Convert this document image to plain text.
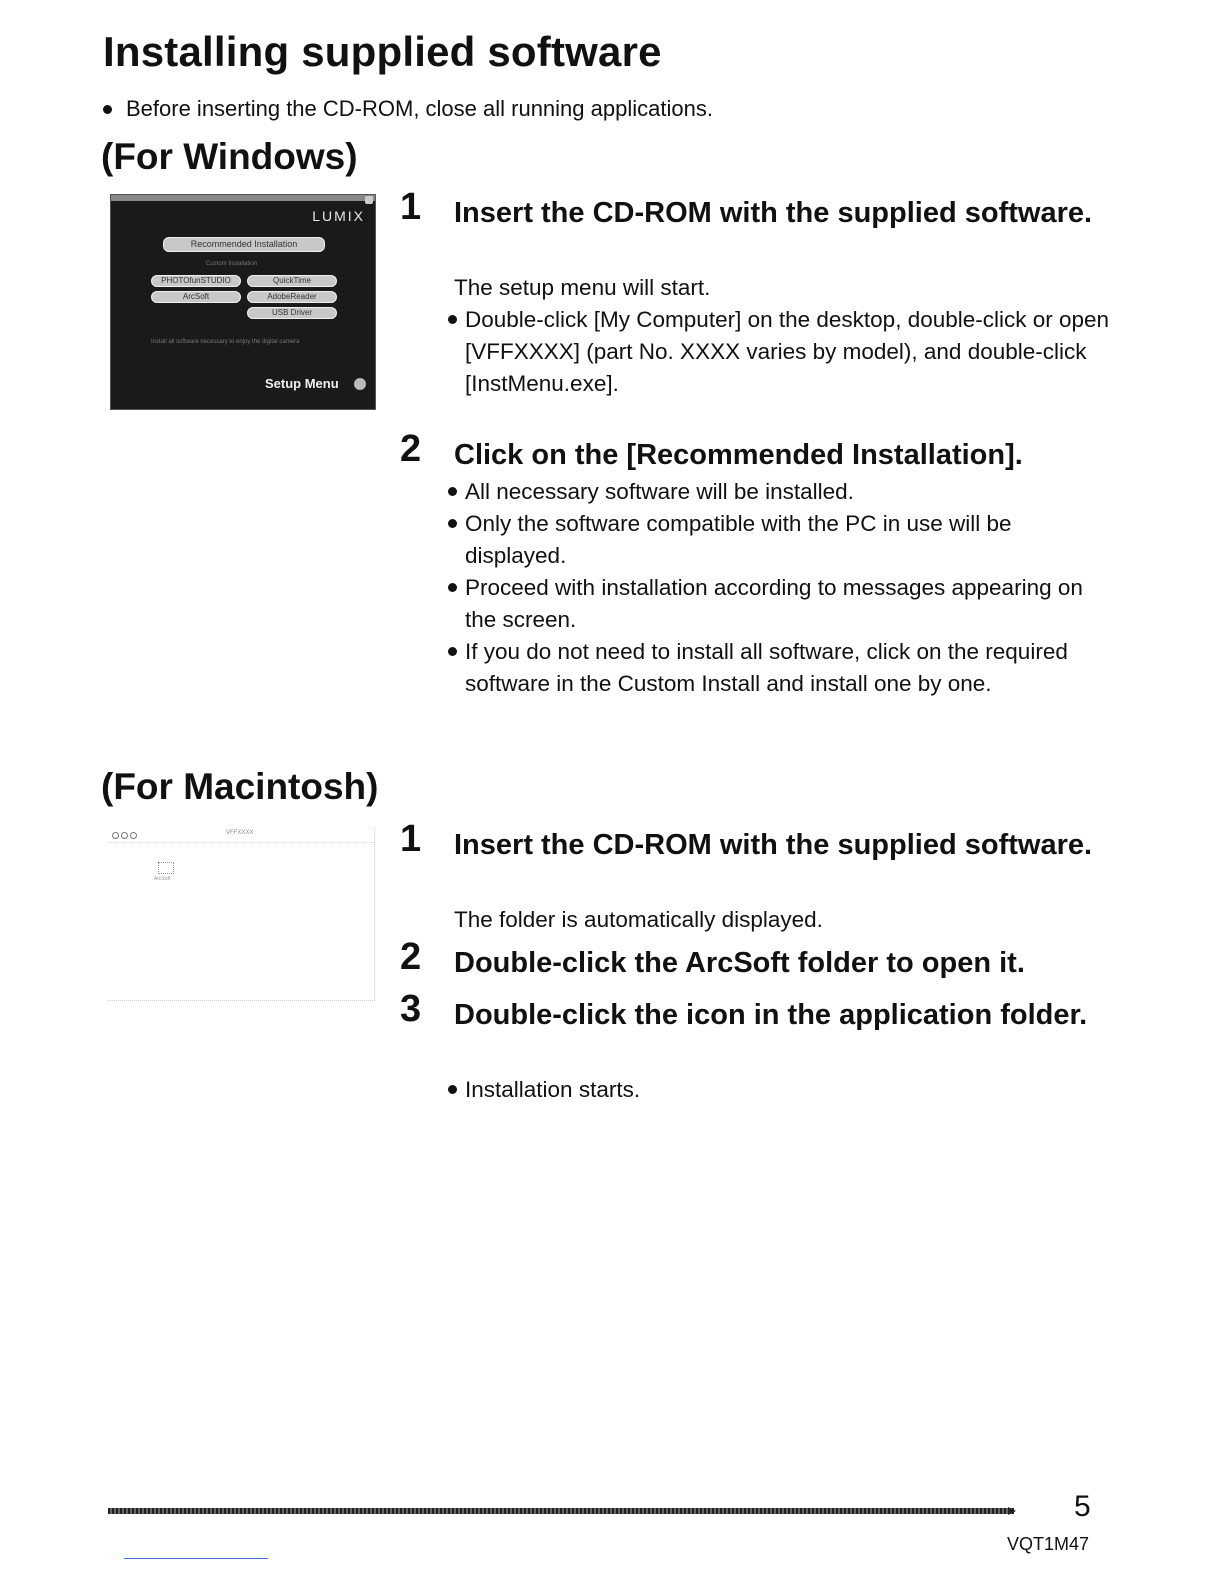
Installing supplied software
Before inserting the CD-ROM, close all running applications.
(For Windows)
LUMIX
Recommended Installation
Custom Installation
PHOTOfunSTUDIO	QuickTime
ArcSoft	AdobeReader
USB Driver
Install all software necessary to enjoy the digital camera
Setup Menu
1 Insert the CD-ROM with the supplied software.
The setup menu will start.
Double-click [My Computer] on the desktop, double-click or open [VFFXXXX] (part No. XXXX varies by model), and double-click [InstMenu.exe].
2 Click on the [Recommended Installation].
All necessary software will be installed.
Only the software compatible with the PC in use will be displayed.
Proceed with installation according to messages appearing on the screen.
If you do not need to install all software, click on the required software in the Custom Install and install one by one.
(For Macintosh)
VFFXXXX
ArcSoft
1 Insert the CD-ROM with the supplied software.
The folder is automatically displayed.
2 Double-click the ArcSoft folder to open it.
3 Double-click the icon in the application folder.
Installation starts.
5
VQT1M47
